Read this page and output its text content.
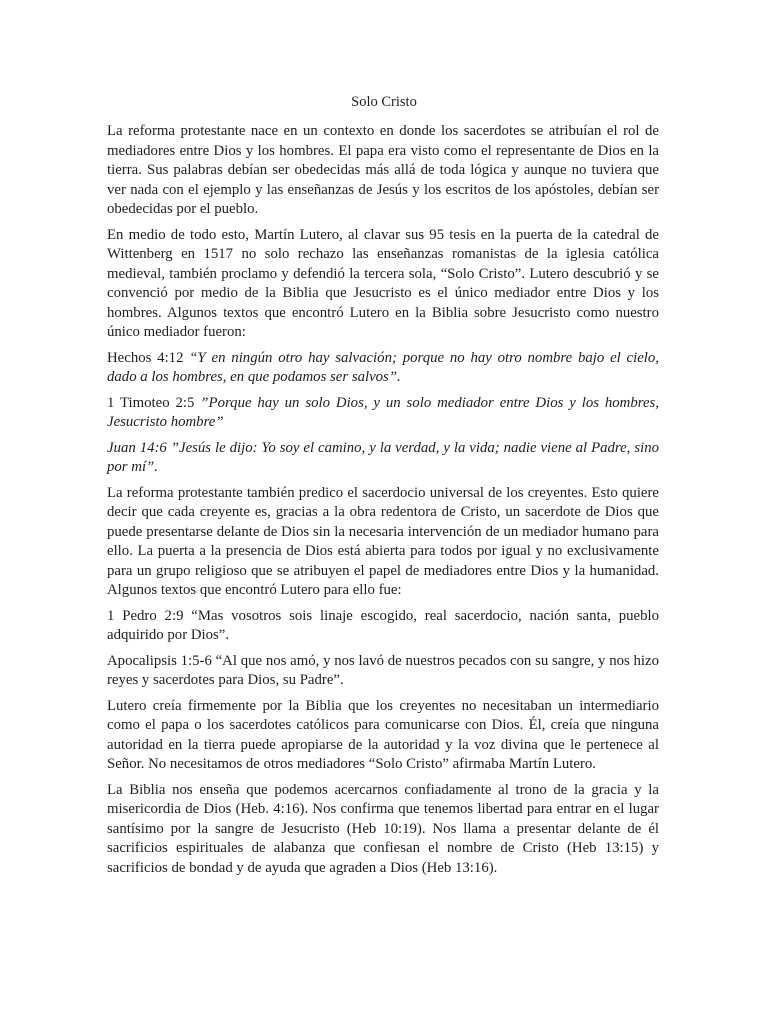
Solo Cristo

La reforma protestante nace en un contexto en donde los sacerdotes se atribuían el rol de mediadores entre Dios y los hombres. El papa era visto como el representante de Dios en la tierra. Sus palabras debían ser obedecidas más allá de toda lógica y aunque no tuviera que ver nada con el ejemplo y las enseñanzas de Jesús y los escritos de los apóstoles, debían ser obedecidas por el pueblo.

En medio de todo esto, Martín Lutero, al clavar sus 95 tesis en la puerta de la catedral de Wittenberg en 1517 no solo rechazo las enseñanzas romanistas de la iglesia católica medieval, también proclamo y defendió la tercera sola, “Solo Cristo”. Lutero descubrió y se convenció por medio de la Biblia que Jesucristo es el único mediador entre Dios y los hombres. Algunos textos que encontró Lutero en la Biblia sobre Jesucristo como nuestro único mediador fueron:

Hechos 4:12 “Y en ningún otro hay salvación; porque no hay otro nombre bajo el cielo, dado a los hombres, en que podamos ser salvos”.

1 Timoteo 2:5 ”Porque hay un solo Dios, y un solo mediador entre Dios y los hombres, Jesucristo hombre”

Juan 14:6 ”Jesús le dijo: Yo soy el camino, y la verdad, y la vida; nadie viene al Padre, sino por mí”.

La reforma protestante también predico el sacerdocio universal de los creyentes. Esto quiere decir que cada creyente es, gracias a la obra redentora de Cristo, un sacerdote de Dios que puede presentarse delante de Dios sin la necesaria intervención de un mediador humano para ello. La puerta a la presencia de Dios está abierta para todos por igual y no exclusivamente para un grupo religioso que se atribuyen el papel de mediadores entre Dios y la humanidad. Algunos textos que encontró Lutero para ello fue:

1 Pedro 2:9 “Mas vosotros sois linaje escogido, real sacerdocio, nación santa, pueblo adquirido por Dios”.

Apocalipsis 1:5-6 “Al que nos amó, y nos lavó de nuestros pecados con su sangre, y nos hizo reyes y sacerdotes para Dios, su Padre”.

Lutero creía firmemente por la Biblia que los creyentes no necesitaban un intermediario como el papa o los sacerdotes católicos para comunicarse con Dios. Él, creía que ninguna autoridad en la tierra puede apropiarse de la autoridad y la voz divina que le pertenece al Señor. No necesitamos de otros mediadores “Solo Cristo” afirmaba Martín Lutero.

La Biblia nos enseña que podemos acercarnos confiadamente al trono de la gracia y la misericordia de Dios (Heb. 4:16). Nos confirma que tenemos libertad para entrar en el lugar santísimo por la sangre de Jesucristo (Heb 10:19). Nos llama a presentar delante de él sacrificios espirituales de alabanza que confiesan el nombre de Cristo (Heb 13:15) y sacrificios de bondad y de ayuda que agraden a Dios (Heb 13:16).
